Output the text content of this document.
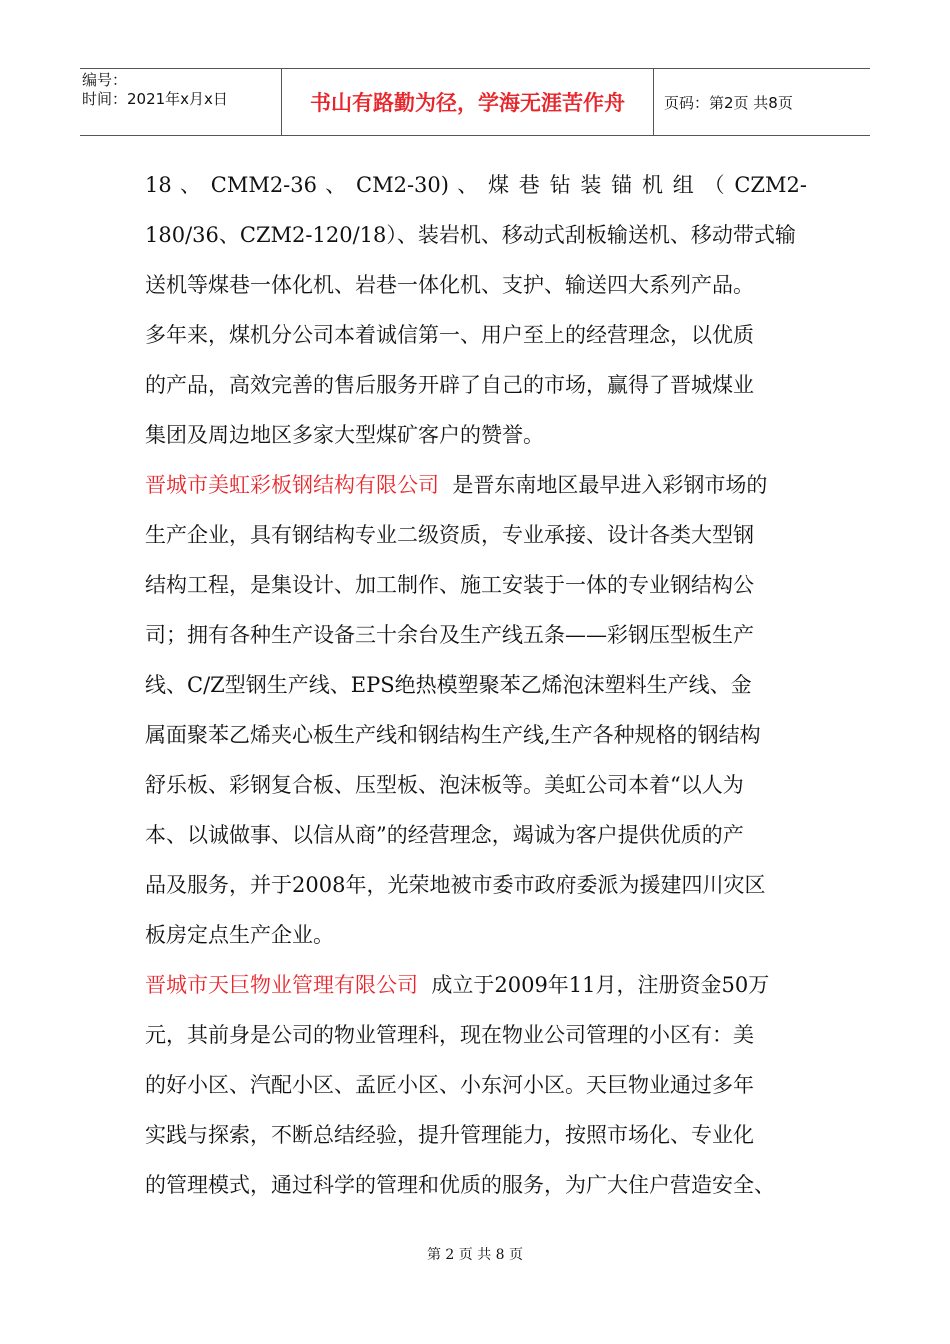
编号：
时间：2021年x月x日	书山有路勤为径，学海无涯苦作舟	页码：第2页 共8页
18 、 CMM2-36 、 CM2-30) 、 煤 巷 钻 装 锚 机 组 （ CZM2-
180/36、CZM2-120/18）、装岩机、移动式刮板输送机、移动带式输
送机等煤巷一体化机、岩巷一体化机、支护、输送四大系列产品。
多年来，煤机分公司本着诚信第一、用户至上的经营理念，以优质
的产品，高效完善的售后服务开辟了自己的市场，赢得了晋城煤业
集团及周边地区多家大型煤矿客户的赞誉。
晋城市美虹彩板钢结构有限公司 是晋东南地区最早进入彩钢市场的
生产企业，具有钢结构专业二级资质，专业承接、设计各类大型钢
结构工程，是集设计、加工制作、施工安装于一体的专业钢结构公
司；拥有各种生产设备三十余台及生产线五条——彩钢压型板生产
线、C/Z型钢生产线、EPS绝热模塑聚苯乙烯泡沫塑料生产线、金
属面聚苯乙烯夹心板生产线和钢结构生产线,生产各种规格的钢结构
舒乐板、彩钢复合板、压型板、泡沫板等。美虹公司本着“以人为
本、以诚做事、以信从商”的经营理念，竭诚为客户提供优质的产
品及服务，并于2008年，光荣地被市委市政府委派为援建四川灾区
板房定点生产企业。
晋城市天巨物业管理有限公司 成立于2009年11月，注册资金50万
元，其前身是公司的物业管理科，现在物业公司管理的小区有：美
的好小区、汽配小区、孟匠小区、小东河小区。天巨物业通过多年
实践与探索，不断总结经验，提升管理能力，按照市场化、专业化
的管理模式，通过科学的管理和优质的服务，为广大住户营造安全、
第 2 页 共 8 页
